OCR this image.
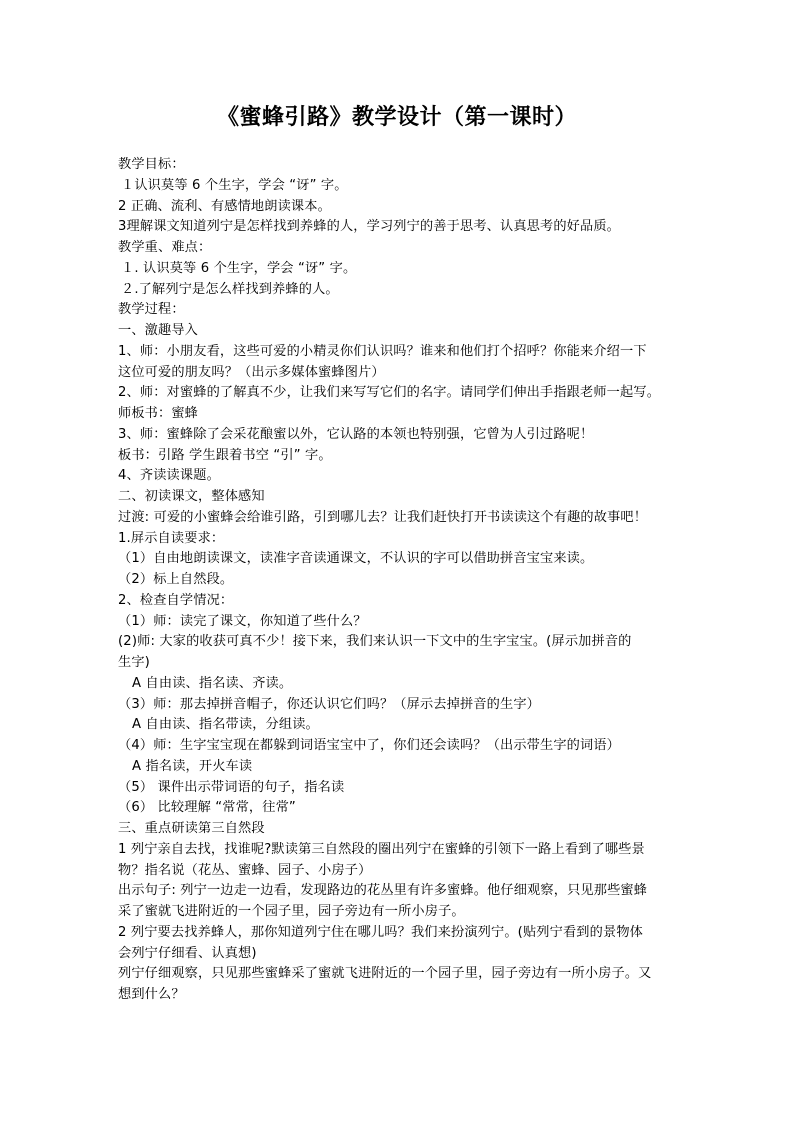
《蜜蜂引路》教学设计（第一课时）
教学目标：
１认识莫等 6 个生字，学会 “讶” 字。
2 正确、流利、有感情地朗读课本。
3理解课文知道列宁是怎样找到养蜂的人，学习列宁的善于思考、认真思考的好品质。
教学重、难点：
１. 认识莫等 6 个生字，学会 “讶” 字。
２.了解列宁是怎么样找到养蜂的人。
教学过程：
一、激趣导入
1、师：小朋友看，这些可爱的小精灵你们认识吗？谁来和他们打个招呼？你能来介绍一下
这位可爱的朋友吗？（出示多媒体蜜蜂图片）
2、师：对蜜蜂的了解真不少，让我们来写写它们的名字。请同学们伸出手指跟老师一起写。
师板书：蜜蜂
3、师：蜜蜂除了会采花酿蜜以外，它认路的本领也特别强，它曾为人引过路呢！
板书：引路 学生跟着书空 “引” 字。
4、齐读读课题。
二、初读课文，整体感知
过渡: 可爱的小蜜蜂会给谁引路，引到哪儿去？让我们赶快打开书读读这个有趣的故事吧！
1.屏示自读要求：
（1）自由地朗读课文，读准字音读通课文，不认识的字可以借助拼音宝宝来读。
（2）标上自然段。
2、检查自学情况：
（1）师：读完了课文，你知道了些什么？
(2)师: 大家的收获可真不少！接下来，我们来认识一下文中的生字宝宝。(屏示加拼音的
生字)
A 自由读、指名读、齐读。
（3）师：那去掉拼音帽子，你还认识它们吗？（屏示去掉拼音的生字）
A 自由读、指名带读，分组读。
（4）师：生字宝宝现在都躲到词语宝宝中了，你们还会读吗？（出示带生字的词语）
A 指名读，开火车读
（5） 课件出示带词语的句子，指名读
（6） 比较理解 “常常，往常”
三、重点研读第三自然段
1 列宁亲自去找，找谁呢?默读第三自然段的圈出列宁在蜜蜂的引领下一路上看到了哪些景
物？指名说（花丛、蜜蜂、园子、小房子）
出示句子: 列宁一边走一边看，发现路边的花丛里有许多蜜蜂。他仔细观察，只见那些蜜蜂
采了蜜就飞进附近的一个园子里，园子旁边有一所小房子。
2 列宁要去找养蜂人，那你知道列宁住在哪儿吗？我们来扮演列宁。(贴列宁看到的景物体
会列宁仔细看、认真想)
列宁仔细观察，只见那些蜜蜂采了蜜就飞进附近的一个园子里，园子旁边有一所小房子。又
想到什么？
